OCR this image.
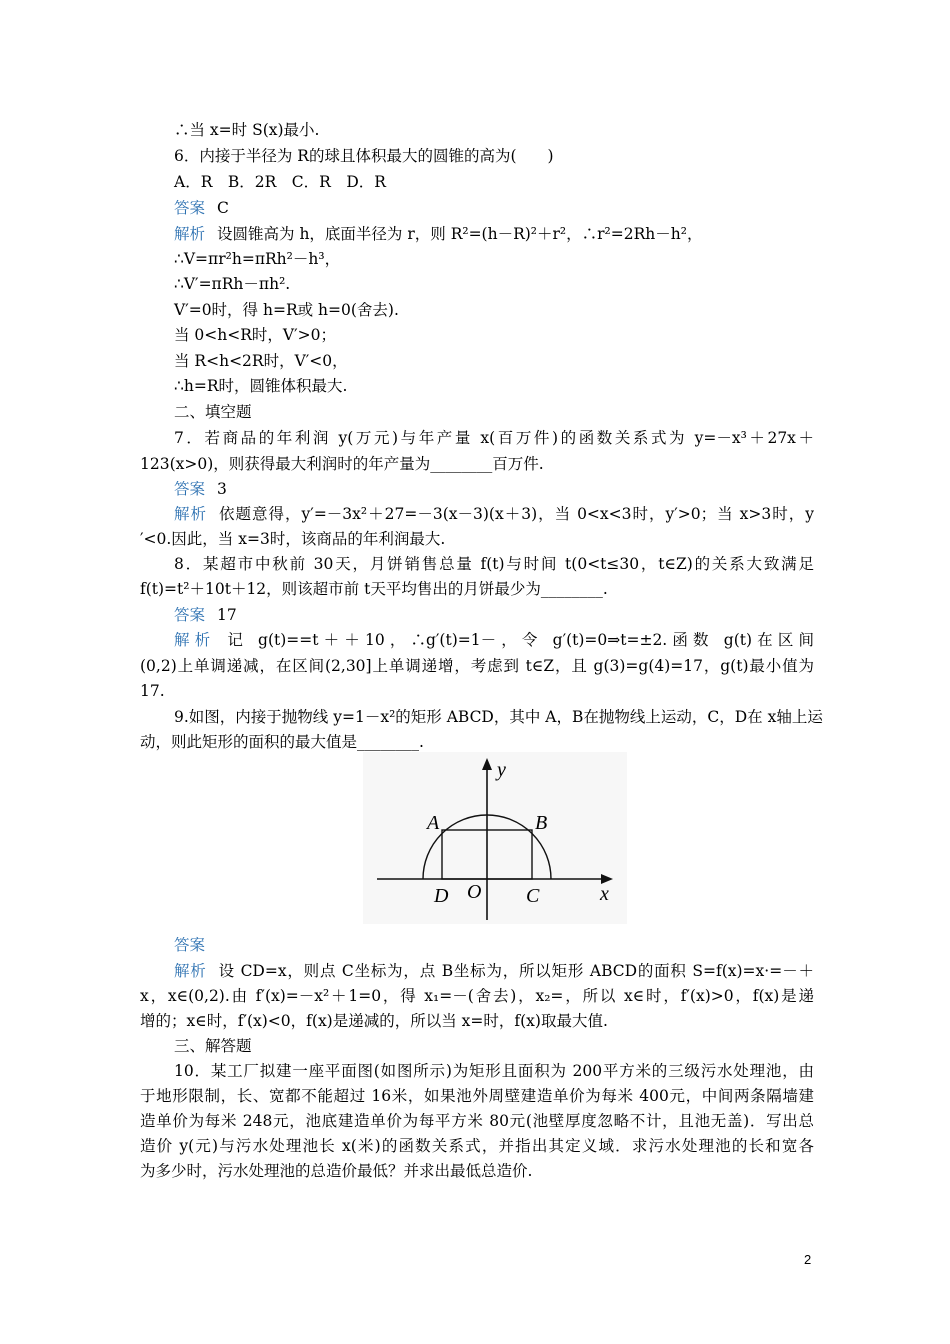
∴当 x=时 S(x)最小.
6．内接于半径为 R的球且体积最大的圆锥的高为(　　)
A．R　B．2R　C．R　D．R
答案 C
解析 设圆锥高为 h，底面半径为 r，则 R²=(h－R)²＋r²，∴r²=2Rh－h²，
∴V=πr²h=πRh²－h³，
∴V′=πRh－πh².
V′=0时，得 h=R或 h=0(舍去).
当 0<h<R时，V′>0；
当 R<h<2R时，V′<0，
∴h=R时，圆锥体积最大.
二、填空题
7．若商品的年利润 y(万元)与年产量 x(百万件)的函数关系式为 y=－x³＋27x＋
123(x>0)，则获得最大利润时的年产量为________百万件.
答案 3
解析 依题意得，y′=－3x²＋27=－3(x－3)(x＋3)，当 0<x<3时，y′>0；当 x>3时，y
′<0.因此，当 x=3时，该商品的年利润最大.
8．某超市中秋前 30天，月饼销售总量 f(t)与时间 t(0<t≤30，t∈Z)的关系大致满足
f(t)=t²＋10t＋12，则该超市前 t天平均售出的月饼最少为________.
答案 17
解析 记 g(t)==t＋＋10，∴g′(t)=1－，令 g′(t)=0⇒t=±2.函数 g(t)在区间
(0,2)上单调递减，在区间(2,30]上单调递增，考虑到 t∈Z，且 g(3)=g(4)=17，g(t)最小值为
17.
9.如图，内接于抛物线 y=1－x²的矩形 ABCD，其中 A，B在抛物线上运动，C，D在 x轴上运
动，则此矩形的面积的最大值是________.
A	B
C
D O	x
y
答案
解析 设 CD=x，则点 C坐标为，点 B坐标为，所以矩形 ABCD的面积 S=f(x)=x·=－＋
x，x∈(0,2).由 f′(x)=－x²＋1=0，得 x₁=－(舍去)，x₂=，所以 x∈时，f′(x)>0，f(x)是递
增的；x∈时，f′(x)<0，f(x)是递减的，所以当 x=时，f(x)取最大值.
三、解答题
10．某工厂拟建一座平面图(如图所示)为矩形且面积为 200平方米的三级污水处理池，由
于地形限制，长、宽都不能超过 16米，如果池外周壁建造单价为每米 400元，中间两条隔墙建
造单价为每米 248元，池底建造单价为每平方米 80元(池壁厚度忽略不计，且池无盖)．写出总
造价 y(元)与污水处理池长 x(米)的函数关系式，并指出其定义域．求污水处理池的长和宽各
为多少时，污水处理池的总造价最低？并求出最低总造价.
2
